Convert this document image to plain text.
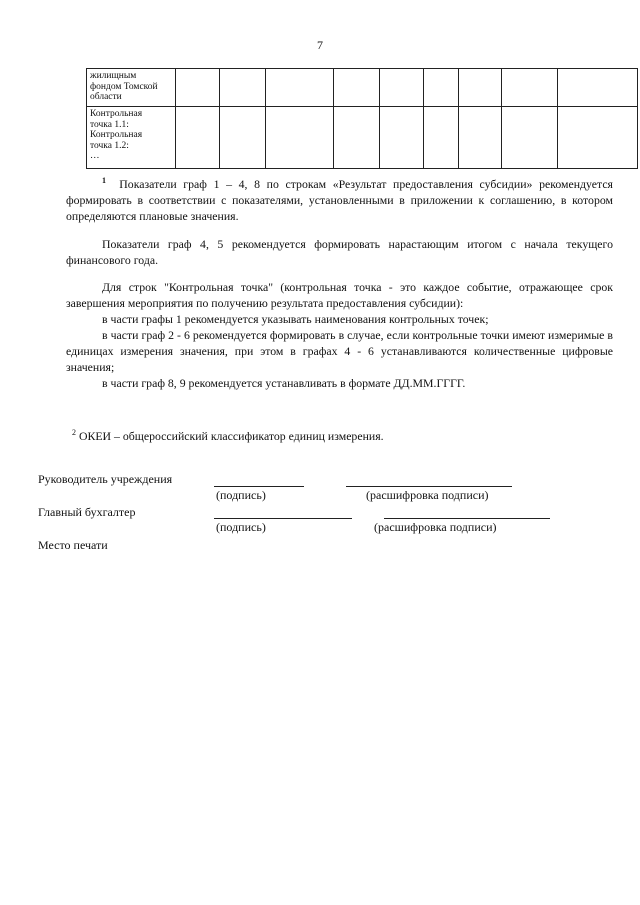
7
жилищным
фондом Томской
области									

Контрольная
точка 1.1:
Контрольная
точка 1.2:
…									

$^1$ Показатели граф 1 – 4, 8 по строкам «Результат предоставления субсидии» рекомендуется формировать в соответствии с показателями, установленными в приложении к соглашению, в котором определяются плановые значения.

Показатели граф 4, 5 рекомендуется формировать нарастающим итогом с начала текущего финансового года.

Для строк "Контрольная точка" (контрольная точка - это каждое событие, отражающее срок завершения мероприятия по получению результата предоставления субсидии):

в части графы 1 рекомендуется указывать наименования контрольных точек;

в части граф 2 - 6 рекомендуется формировать в случае, если контрольные точки имеют измеримые в единицах измерения значения, при этом в графах 4 - 6 устанавливаются количественные цифровые значения;

в части граф 8, 9 рекомендуется устанавливать в формате ДД.ММ.ГГГГ.

$^2$ ОКЕИ – общероссийский классификатор единиц измерения.

Руководитель учреждения
(подпись)	(расшифровка подписи)
Главный бухгалтер
(подпись)	(расшифровка подписи)
Место печати
